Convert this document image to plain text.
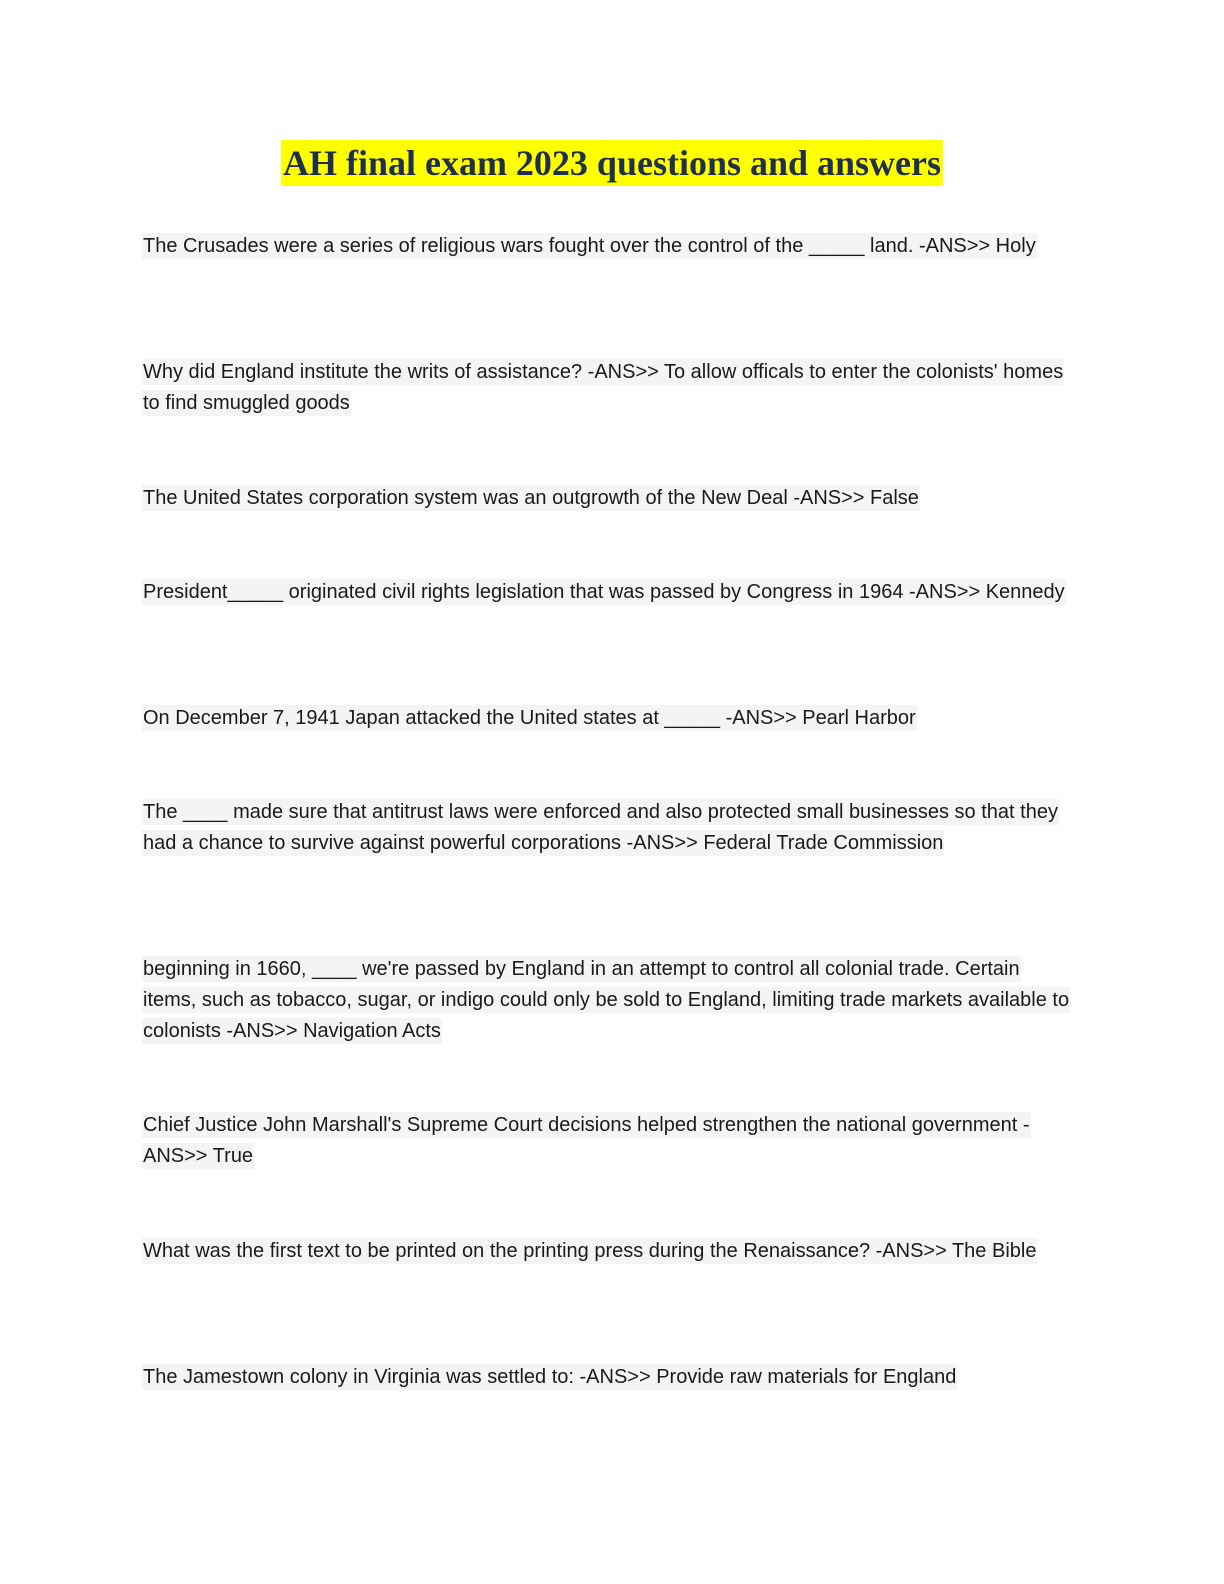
AH final exam 2023 questions and answers
The Crusades were a series of religious wars fought over the control of the _____ land. -ANS>> Holy
Why did England institute the writs of assistance? -ANS>> To allow officals to enter the colonists' homes to find smuggled goods
The United States corporation system was an outgrowth of the New Deal -ANS>> False
President_____ originated civil rights legislation that was passed by Congress in 1964 -ANS>> Kennedy
On December 7, 1941 Japan attacked the United states at _____ -ANS>> Pearl Harbor
The ____ made sure that antitrust laws were enforced and also protected small businesses so that they had a chance to survive against powerful corporations -ANS>> Federal Trade Commission
beginning in 1660, ____ we're passed by England in an attempt to control all colonial trade. Certain items, such as tobacco, sugar, or indigo could only be sold to England, limiting trade markets available to colonists -ANS>> Navigation Acts
Chief Justice John Marshall's Supreme Court decisions helped strengthen the national government -ANS>> True
What was the first text to be printed on the printing press during the Renaissance? -ANS>> The Bible
The Jamestown colony in Virginia was settled to: -ANS>> Provide raw materials for England
